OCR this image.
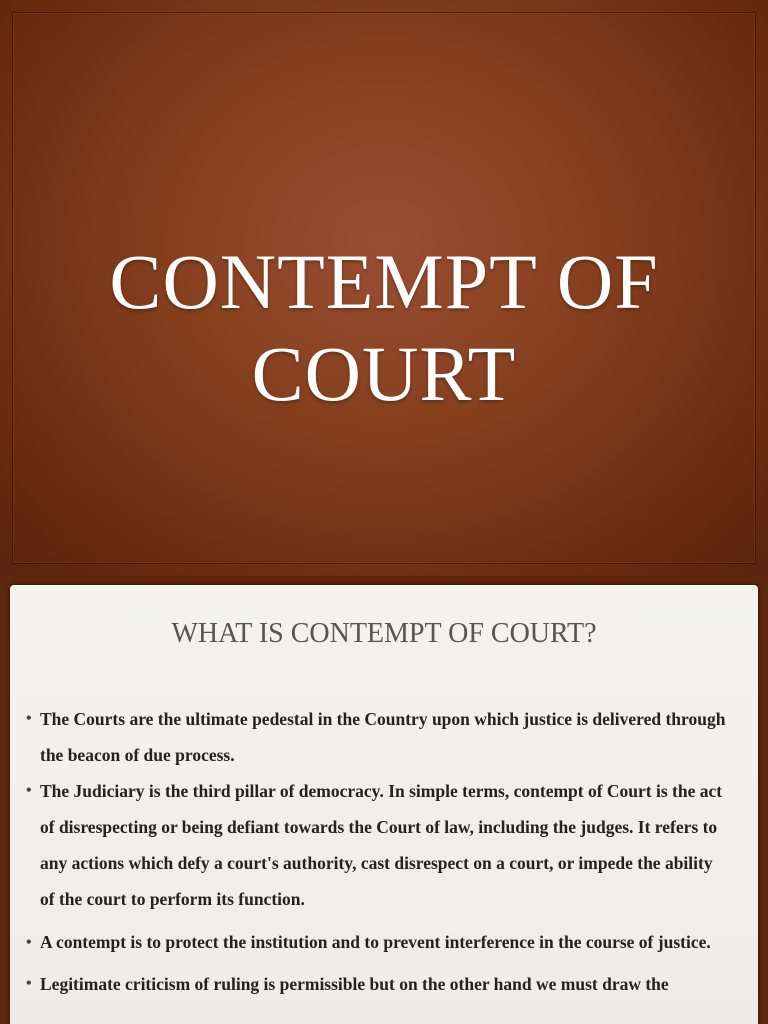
CONTEMPT OF COURT
WHAT IS CONTEMPT OF COURT?
• The Courts are the ultimate pedestal in the Country upon which justice is delivered through the beacon of due process.
• The Judiciary is the third pillar of democracy. In simple terms, contempt of Court is the act of disrespecting or being defiant towards the Court of law, including the judges. It refers to any actions which defy a court's authority, cast disrespect on a court, or impede the ability of the court to perform its function.
• A contempt is to protect the institution and to prevent interference in the course of justice.
• Legitimate criticism of ruling is permissible but on the other hand we must draw the
